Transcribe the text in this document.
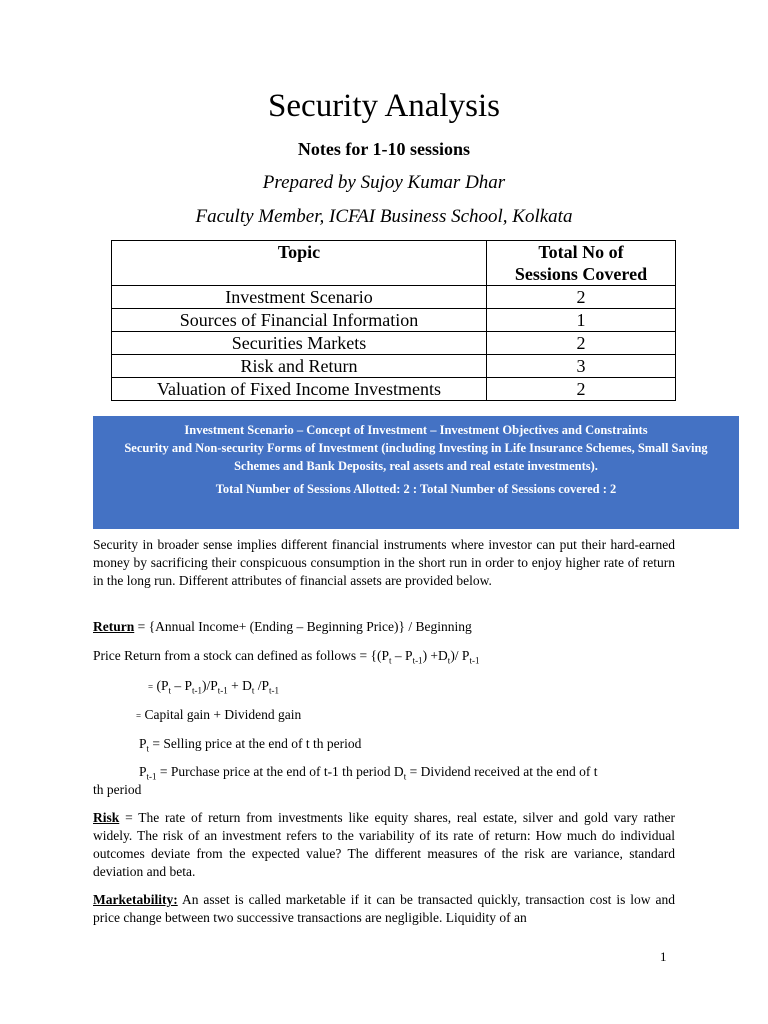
Security Analysis
Notes for 1-10 sessions
Prepared by Sujoy Kumar Dhar
Faculty Member, ICFAI Business School, Kolkata
Topic	Total No of
Sessions Covered
Investment Scenario	2
Sources of Financial Information	1
Securities Markets	2
Risk and Return	3
Valuation of Fixed Income Investments	2
Investment Scenario – Concept of Investment – Investment Objectives and Constraints
Security and Non-security Forms of Investment (including Investing in Life Insurance Schemes, Small Saving Schemes and Bank Deposits, real assets and real estate investments).
Total Number of Sessions Allotted: 2 : Total Number of Sessions covered : 2
Security in broader sense implies different financial instruments where investor can put their hard-earned money by sacrificing their conspicuous consumption in the short run in order to enjoy higher rate of return in the long run. Different attributes of financial assets are provided below.
Return = {Annual Income+ (Ending – Beginning Price)} / Beginning
Price Return from a stock can defined as follows = $\{(P_t - P_{t-1}) +D_t)/$ $P_{t-1}$
= $(P_t - P_{t-1})/P_{t-1} + D_t$ $/P_{t-1}$
= Capital gain + Dividend gain
$P_t$ = Selling price at the end of t th period
$P_{t-1}$ = Purchase price at the end of t-1 th period $D_t$ = Dividend received at the end of t
th period
Risk = The rate of return from investments like equity shares, real estate, silver and gold vary rather widely. The risk of an investment refers to the variability of its rate of return: How much do individual outcomes deviate from the expected value? The different measures of the risk are variance, standard deviation and beta.
Marketability: An asset is called marketable if it can be transacted quickly, transaction cost is low and price change between two successive transactions are negligible. Liquidity of an
1
